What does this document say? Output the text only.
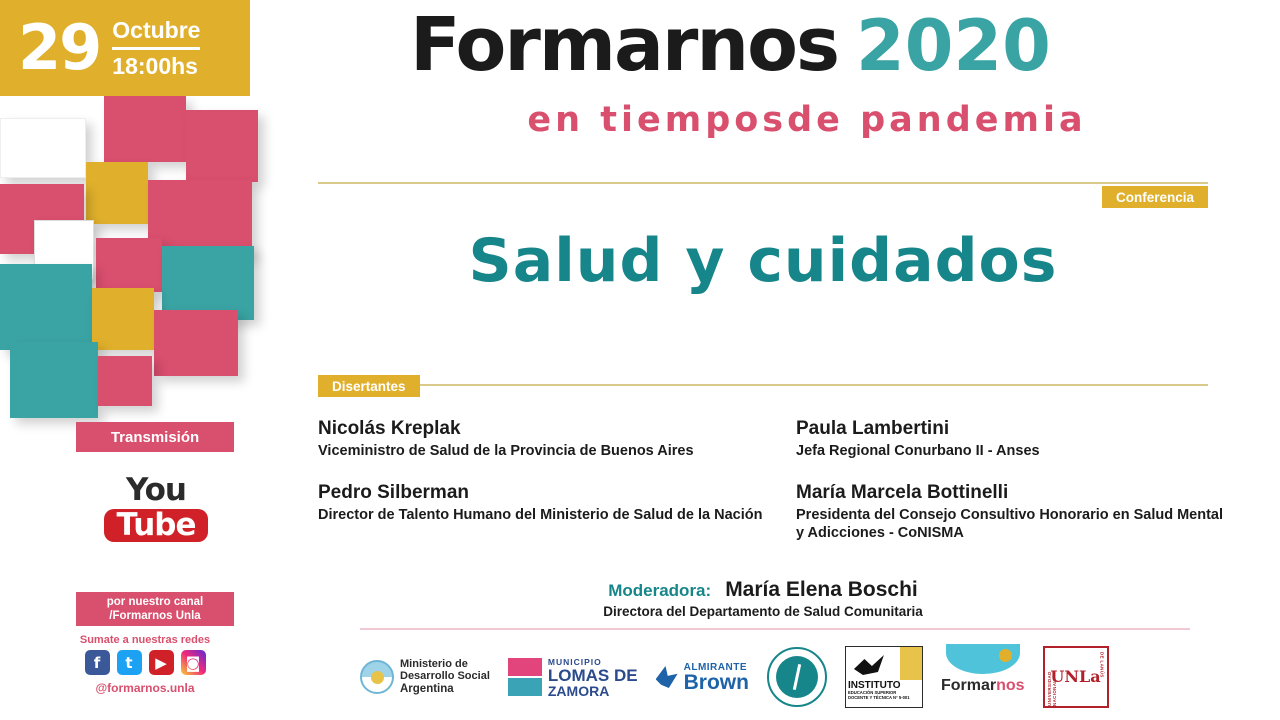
29 Octubre
18:00hs
Transmisión
You
Tube
por nuestro canal
/Formarnos Unla
Sumate a nuestras redes
f	t	▶	◙
@formarnos.unla
Formarnos 2020
en tiemposde pandemia
Conferencia
Salud y cuidados
Disertantes
Nicolás Kreplak
Viceministro de Salud de la Provincia de Buenos Aires
Paula Lambertini
Jefa Regional Conurbano II - Anses
Pedro Silberman
Director de Talento Humano del Ministerio de Salud de la Nación
María Marcela Bottinelli
Presidenta del Consejo Consultivo Honorario en Salud Mental y Adicciones - CoNISMA
Moderadora: María Elena Boschi
Directora del Departamento de Salud Comunitaria
Ministerio de
Desarrollo Social
Argentina
MUNICIPIO
LOMAS DE
ZAMORA
ALMIRANTE
Brown	INSTITUTO
EDUCACIÓN SUPERIOR
DOCENTE Y TÉCNICA N° 5-001
Formarnos	UNIVERSIDAD NACIONAL
UNLa
DE LANÚS
